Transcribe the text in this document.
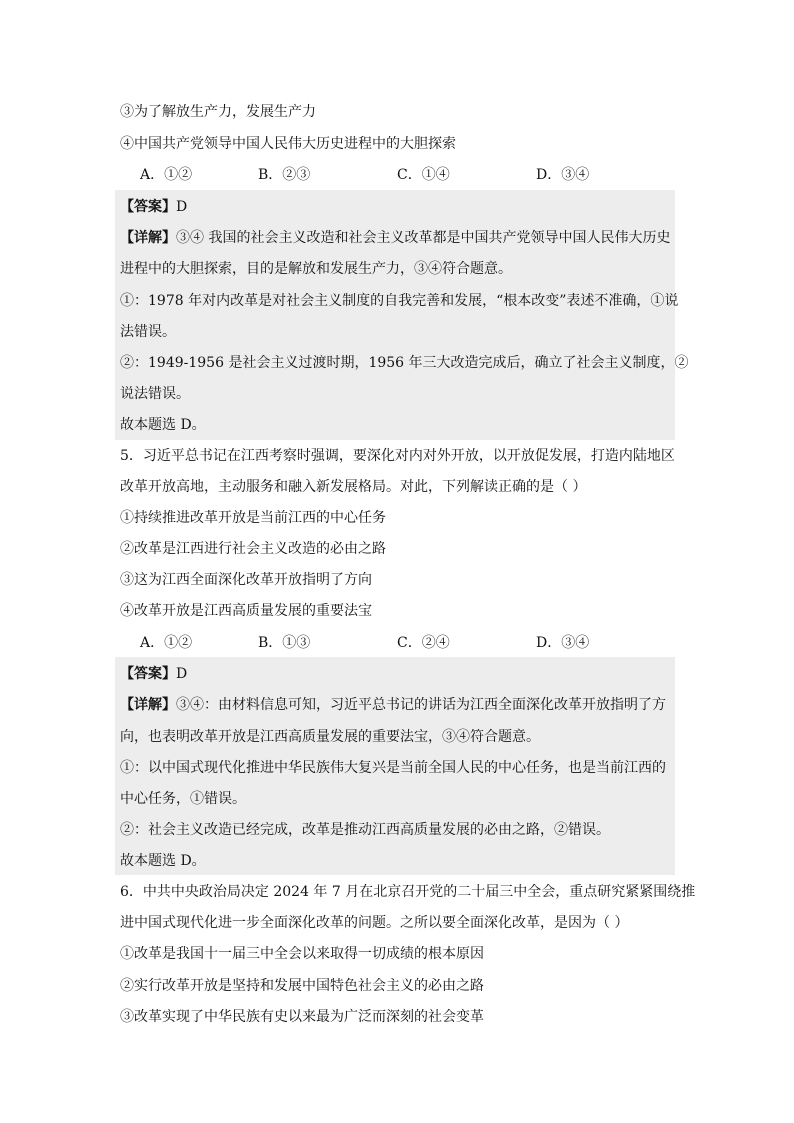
③为了解放生产力，发展生产力
④中国共产党领导中国人民伟大历史进程中的大胆探索
A．①②	B．②③	C．①④	D．③④
【答案】D
【详解】③④ 我国的社会主义改造和社会主义改革都是中国共产党领导中国人民伟大历史
进程中的大胆探索，目的是解放和发展生产力，③④符合题意。
①：1978 年对内改革是对社会主义制度的自我完善和发展，“根本改变”表述不准确，①说
法错误。
②：1949-1956 是社会主义过渡时期，1956 年三大改造完成后，确立了社会主义制度，②
说法错误。
故本题选 D。
5．习近平总书记在江西考察时强调，要深化对内对外开放，以开放促发展，打造内陆地区
改革开放高地，主动服务和融入新发展格局。对此，下列解读正确的是（ ）
①持续推进改革开放是当前江西的中心任务
②改革是江西进行社会主义改造的必由之路
③这为江西全面深化改革开放指明了方向
④改革开放是江西高质量发展的重要法宝
A．①②	B．①③	C．②④	D．③④
【答案】D
【详解】③④：由材料信息可知，习近平总书记的讲话为江西全面深化改革开放指明了方
向，也表明改革开放是江西高质量发展的重要法宝，③④符合题意。
①：以中国式现代化推进中华民族伟大复兴是当前全国人民的中心任务，也是当前江西的
中心任务，①错误。
②：社会主义改造已经完成，改革是推动江西高质量发展的必由之路，②错误。
故本题选 D。
6．中共中央政治局决定 2024 年 7 月在北京召开党的二十届三中全会，重点研究紧紧围绕推
进中国式现代化进一步全面深化改革的问题。之所以要全面深化改革，是因为（ ）
①改革是我国十一届三中全会以来取得一切成绩的根本原因
②实行改革开放是坚持和发展中国特色社会主义的必由之路
③改革实现了中华民族有史以来最为广泛而深刻的社会变革
